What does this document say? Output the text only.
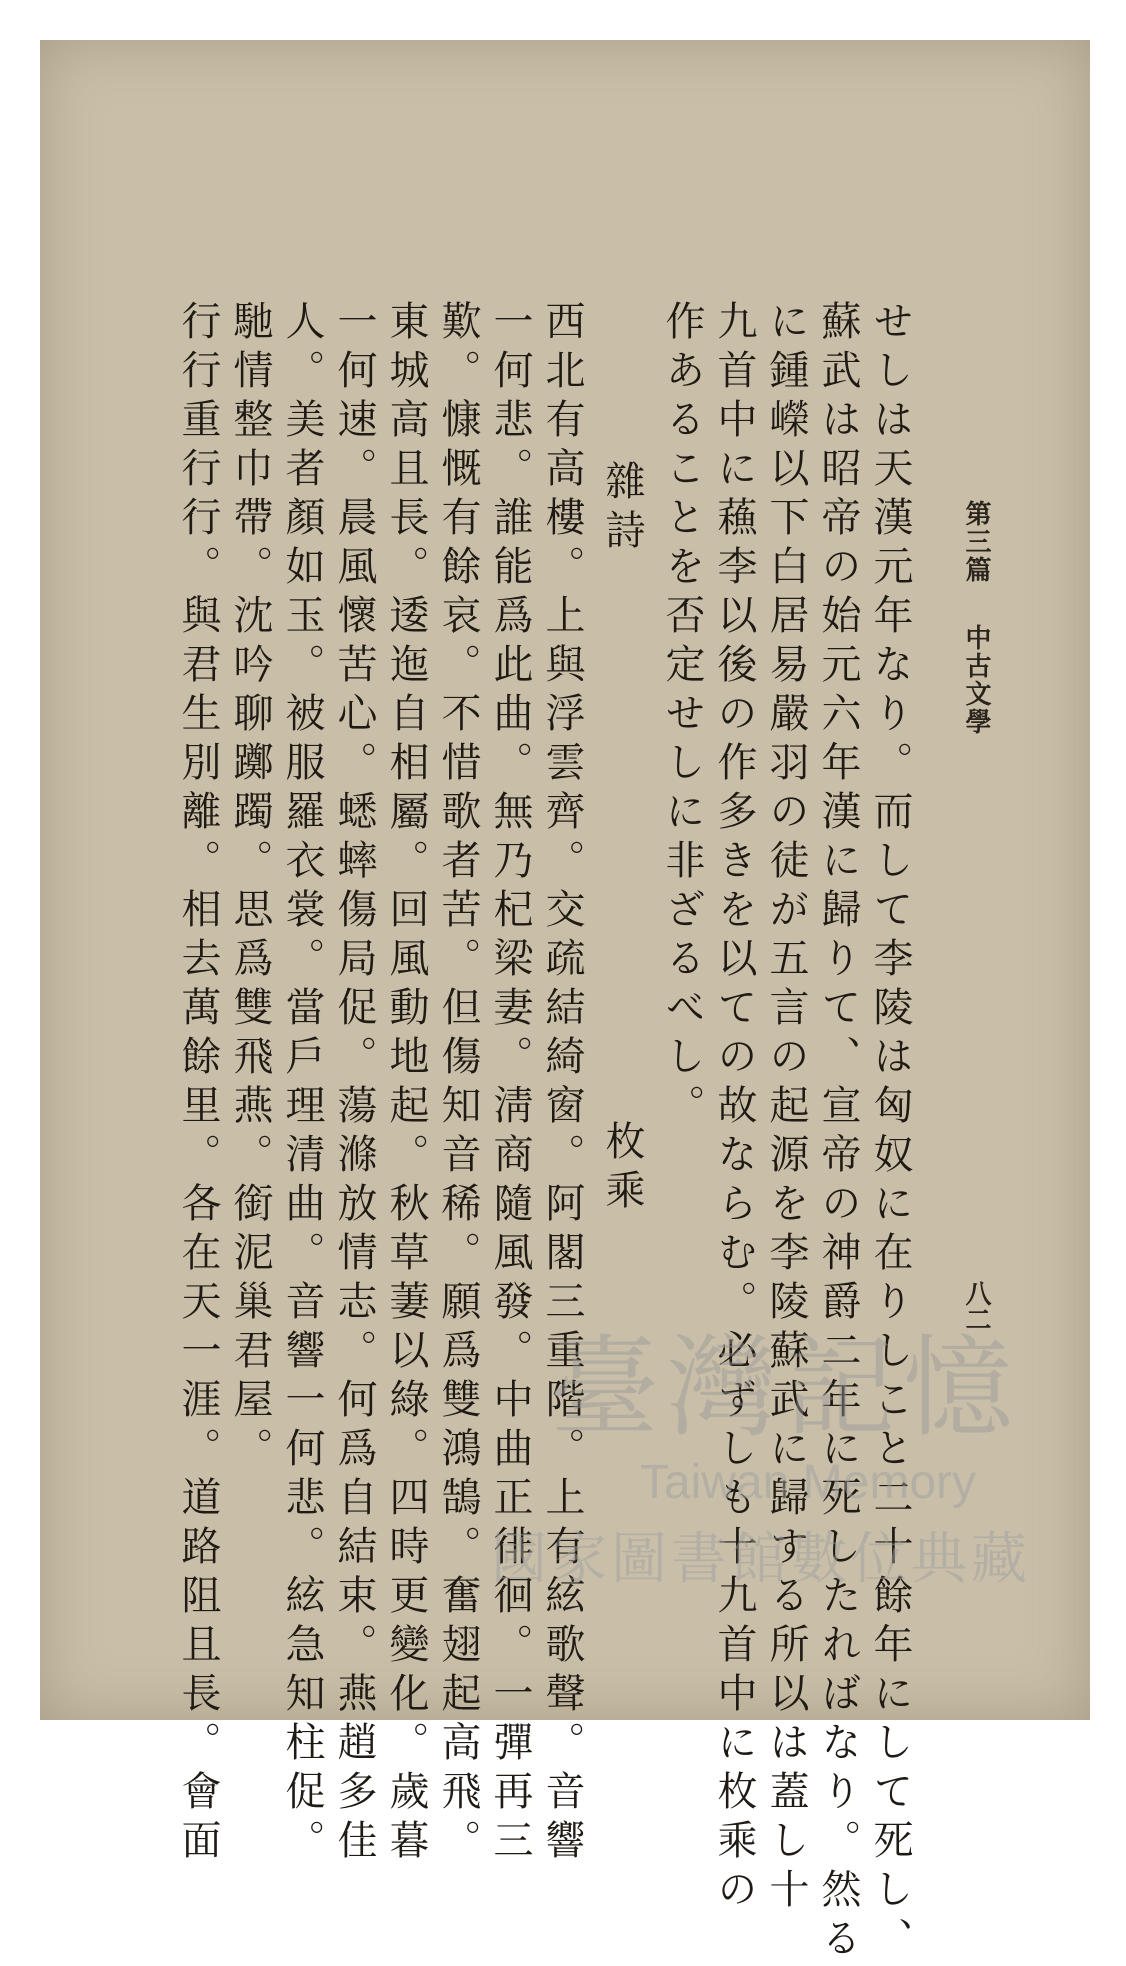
第三篇中古文學
八二
せしは天漢元年なり。而して李陵は匈奴に在りしこと二十餘年にして死し、
蘇武は昭帝の始元六年漢に歸りて、宣帝の神爵二年に死したればなり。然る
に鍾嶸以下白居易嚴羽の徒が五言の起源を李陵蘇武に歸する所以は蓋し十
九首中に蘓李以後の作多きを以ての故ならむ。必ずしも十九首中に枚乘の
作あることを否定せしに非ざるべし。
雜詩
枚乘
西北有高樓。上與浮雲齊。交疏結綺窗。阿閣三重階。上有絃歌聲。音響
一何悲。誰能爲此曲。無乃杞梁妻。淸商隨風發。中曲正徘徊。一彈再三
歎。慷慨有餘哀。不惜歌者苦。但傷知音稀。願爲雙鴻鵠。奮翅起高飛。
東城高且長。逶迤自相屬。回風動地起。秋草萋以綠。四時更變化。歲暮
一何速。晨風懷苦心。蟋蟀傷局促。蕩滌放情志。何爲自結束。燕趙多佳
人。美者顏如玉。被服羅衣裳。當戶理清曲。音響一何悲。絃急知柱促。
馳情整巾帶。沈吟聊躑躅。思爲雙飛燕。銜泥巢君屋。
行行重行行。與君生別離。相去萬餘里。各在天一涯。道路阻且長。會面	臺灣記憶
Taiwan Memory
國家圖書館數位典藏
